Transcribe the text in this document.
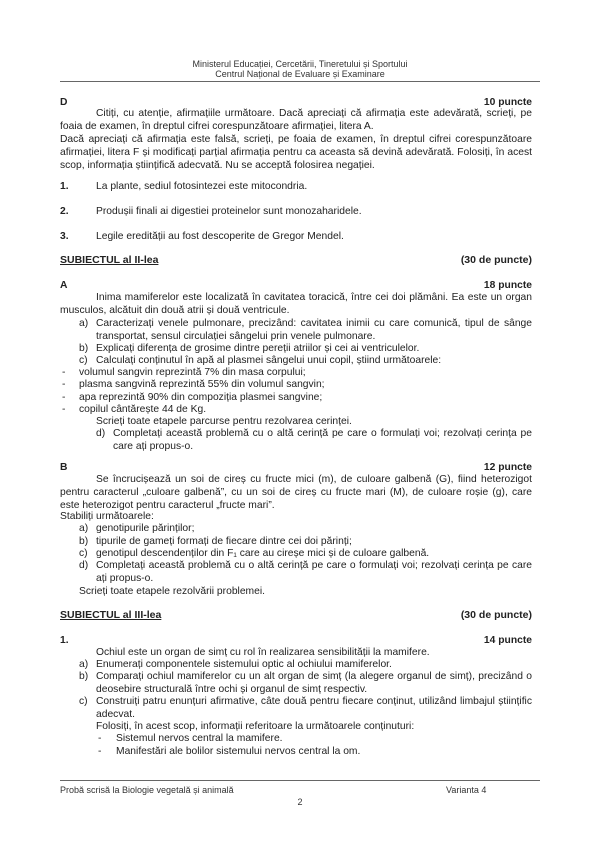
Ministerul Educației, Cercetării, Tineretului și Sportului
Centrul Național de Evaluare și Examinare
D	10 puncte
Citiți, cu atenție, afirmațiile următoare. Dacă apreciați că afirmația este adevărată, scrieți, pe foaia de examen, în dreptul cifrei corespunzătoare afirmației, litera A.
Dacă apreciați că afirmația este falsă, scrieți, pe foaia de examen, în dreptul cifrei corespunzătoare afirmației, litera F și modificați parțial afirmația pentru ca aceasta să devină adevărată. Folosiți, în acest scop, informația științifică adecvată. Nu se acceptă folosirea negației.
1.	La plante, sediul fotosintezei este mitocondria.
2.	Produșii finali ai digestiei proteinelor sunt monozaharidele.
3.	Legile eredității au fost descoperite de Gregor Mendel.
SUBIECTUL al II-lea	(30 de puncte)
A	18 puncte
Inima mamiferelor este localizată în cavitatea toracică, între cei doi plămâni. Ea este un organ musculos, alcătuit din două atrii și două ventricule.
a) Caracterizați venele pulmonare, precizând: cavitatea inimii cu care comunică, tipul de sânge transportat, sensul circulației sângelui prin venele pulmonare.
b) Explicați diferența de grosime dintre pereții atriilor și cei ai ventriculelor.
c) Calculați conținutul în apă al plasmei sângelui unui copil, știind următoarele:
- volumul sangvin reprezintă 7% din masa corpului;
- plasma sangvină reprezintă 55% din volumul sangvin;
- apa reprezintă 90% din compoziția plasmei sangvine;
- copilul cântărește 44 de Kg.
Scrieți toate etapele parcurse pentru rezolvarea cerinței.
d) Completați această problemă cu o altă cerință pe care o formulați voi; rezolvați cerința pe care ați propus-o.
B	12 puncte
Se încrucișează un soi de cireș cu fructe mici (m), de culoare galbenă (G), fiind heterozigot pentru caracterul „culoare galbenă”, cu un soi de cireș cu fructe mari (M), de culoare roșie (g), care este heterozigot pentru caracterul „fructe mari”.
Stabiliți următoarele:
a) genotipurile părinților;
b) tipurile de gameți formați de fiecare dintre cei doi părinți;
c) genotipul descendenților din F₁ care au cireșe mici și de culoare galbenă.
d) Completați această problemă cu o altă cerință pe care o formulați voi; rezolvați cerința pe care ați propus-o.
Scrieți toate etapele rezolvării problemei.
SUBIECTUL al III-lea	(30 de puncte)
1.	14 puncte
Ochiul este un organ de simț cu rol în realizarea sensibilității la mamifere.
a) Enumerați componentele sistemului optic al ochiului mamiferelor.
b) Comparați ochiul mamiferelor cu un alt organ de simț (la alegere organul de simț), precizând o deosebire structurală între ochi și organul de simț respectiv.
c) Construiți patru enunțuri afirmative, câte două pentru fiecare conținut, utilizând limbajul științific adecvat.
Folosiți, în acest scop, informații referitoare la următoarele conținuturi:
- Sistemul nervos central la mamifere.
- Manifestări ale bolilor sistemului nervos central la om.
Probă scrisă la Biologie vegetală și animală	Varianta 4
2
